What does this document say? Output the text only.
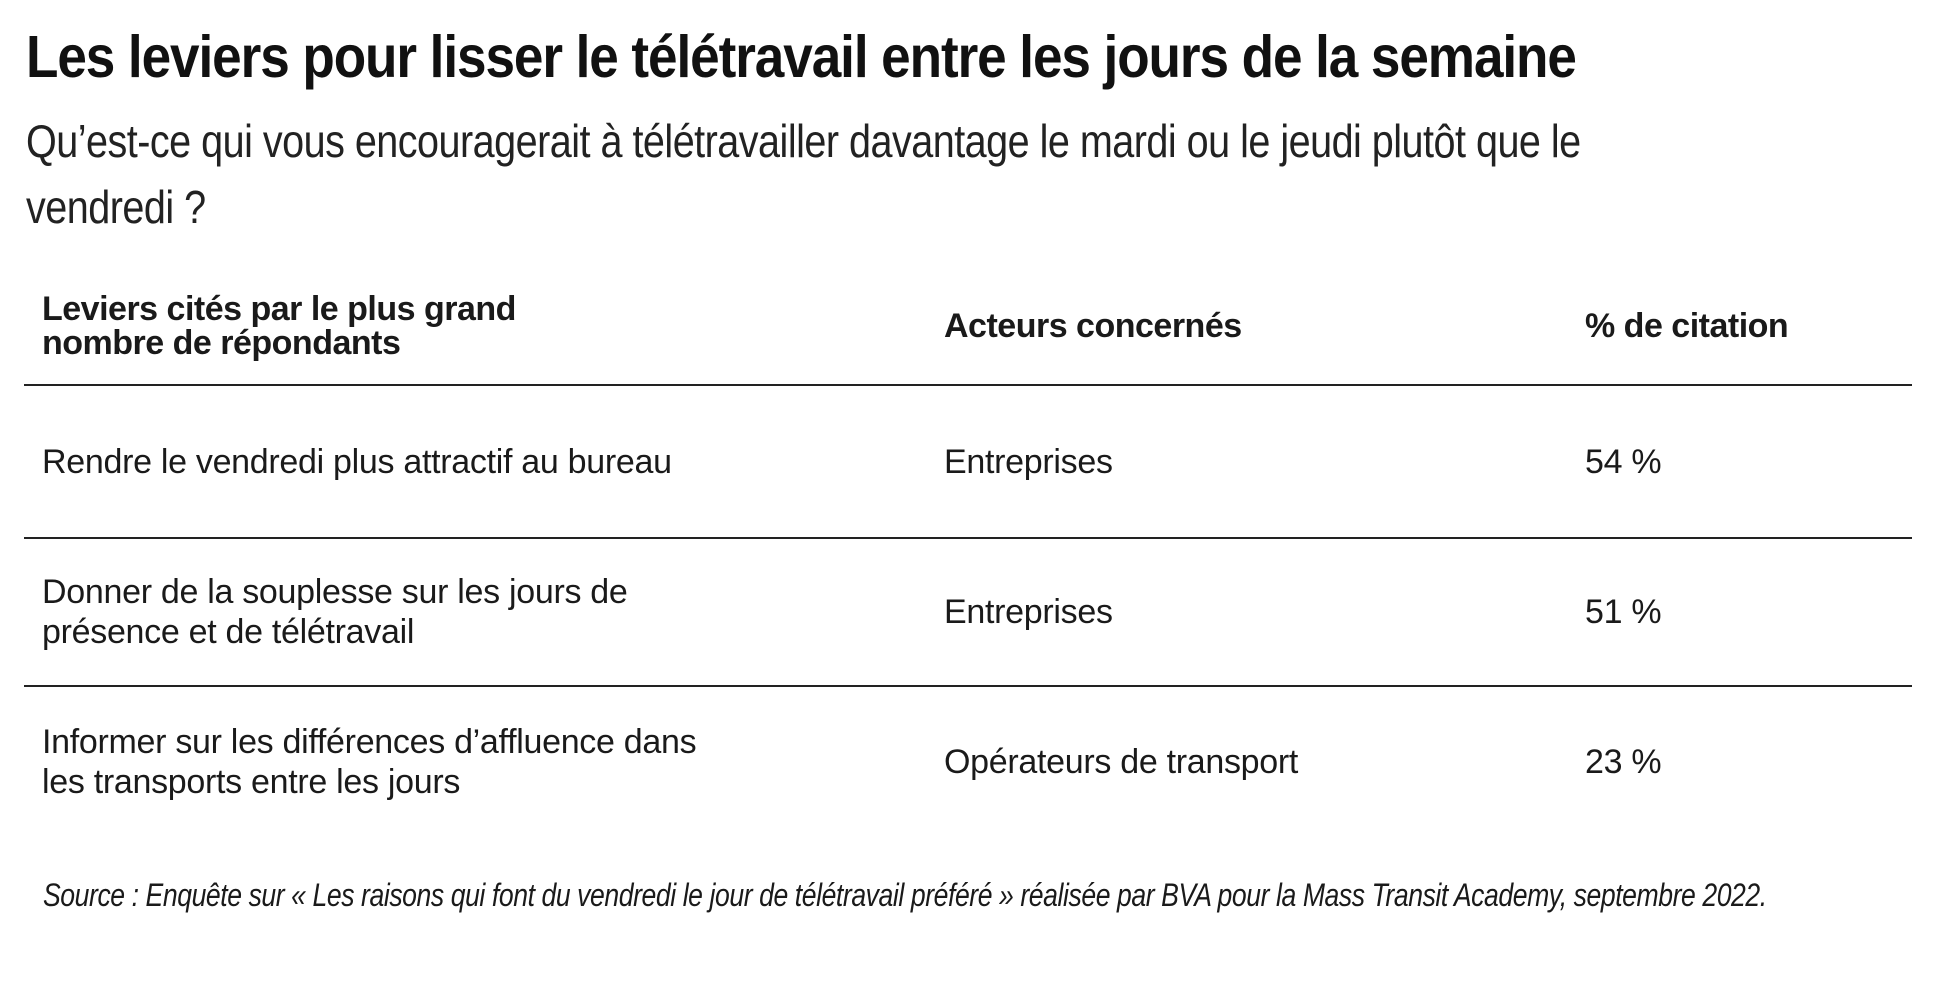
Les leviers pour lisser le télétravail entre les jours de la semaine

Qu’est-ce qui vous encouragerait à télétravailler davantage le mardi ou le jeudi plutôt que le vendredi ?

Leviers cités par le plus grand nombre de répondants	Acteurs concernés	% de citation

Rendre le vendredi plus attractif au bureau	Entreprises	54 %

Donner de la souplesse sur les jours de présence et de télétravail	Entreprises	51 %

Informer sur les différences d’affluence dans les transports entre les jours	Opérateurs de transport	23 %

Source : Enquête sur « Les raisons qui font du vendredi le jour de télétravail préféré » réalisée par BVA pour la Mass Transit Academy, septembre 2022.
